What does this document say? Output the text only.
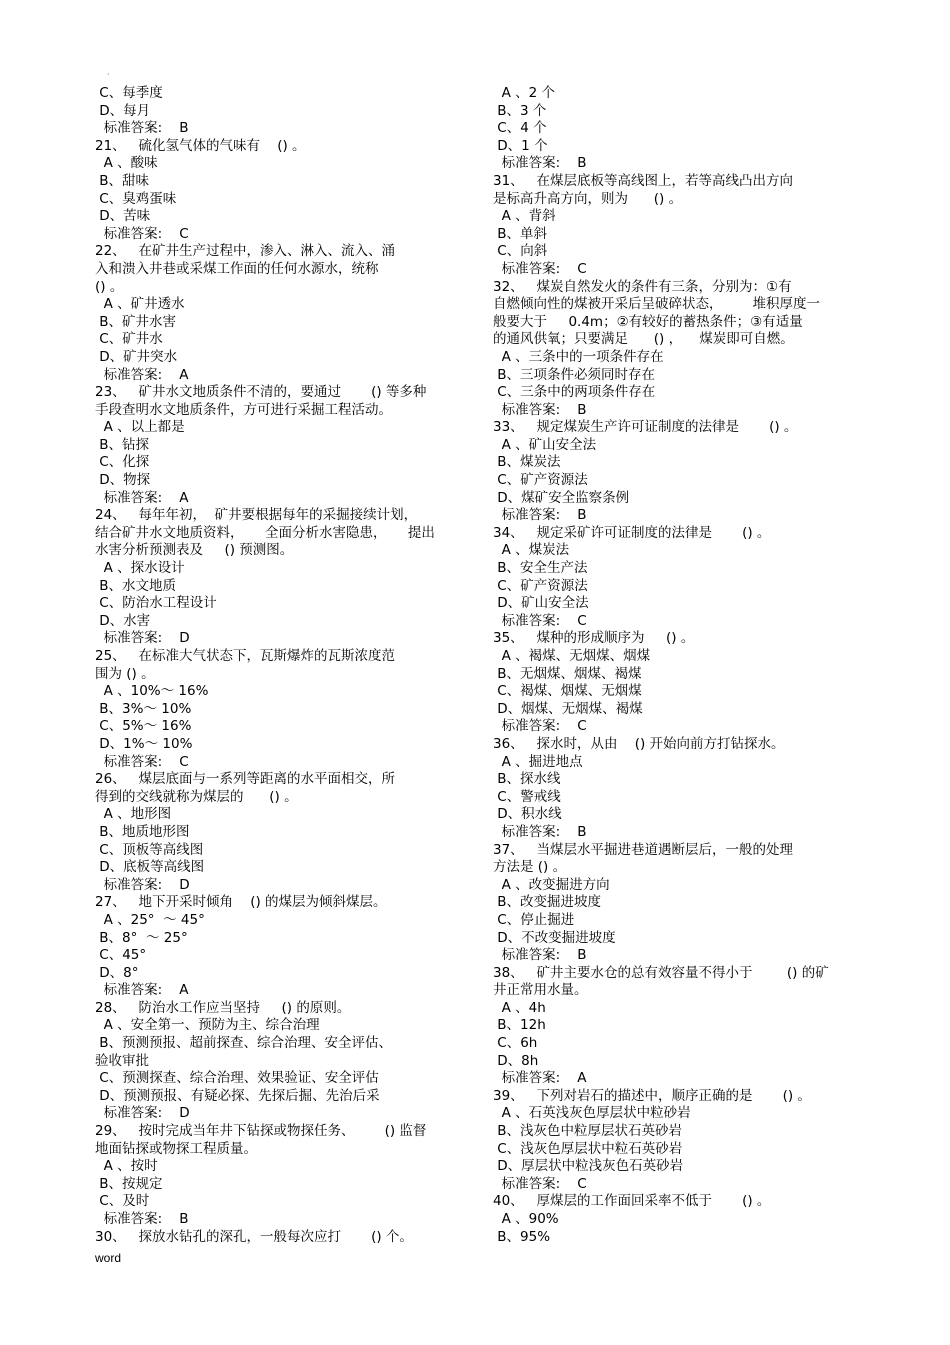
·
C、每季度
D、每月
标准答案:    B
21、   硫化氢气体的气味有    () 。
A 、酸味
B、甜味
C、臭鸡蛋味
D、苦味
标准答案:    C
22、   在矿井生产过程中，渗入、淋入、流入、涌
入和溃入井巷或采煤工作面的任何水源水，统称
() 。
A 、矿井透水
B、矿井水害
C、矿井水
D、矿井突水
标准答案:    A
23、   矿井水文地质条件不清的，要通过       () 等多种
手段查明水文地质条件，方可进行采掘工程活动。
A 、以上都是
B、钻探
C、化探
D、物探
标准答案:    A
24、   每年年初，  矿井要根据每年的采掘接续计划，
结合矿井水文地质资料，     全面分析水害隐患，     提出
水害分析预测表及     () 预测图。
A 、探水设计
B、水文地质
C、防治水工程设计
D、水害
标准答案:    D
25、   在标准大气状态下，瓦斯爆炸的瓦斯浓度范
围为 () 。
A 、10%～ 16%
B、3%～ 10%
C、5%～ 16%
D、1%～ 10%
标准答案:    C
26、   煤层底面与一系列等距离的水平面相交，所
得到的交线就称为煤层的      () 。
A 、地形图
B、地质地形图
C、顶板等高线图
D、底板等高线图
标准答案:    D
27、   地下开采时倾角    () 的煤层为倾斜煤层。
A 、25°  ～ 45°
B、8°  ～ 25°
C、45°
D、8°
标准答案:    A
28、   防治水工作应当坚持     () 的原则。
A 、安全第一、预防为主、综合治理
B、预测预报、超前探查、综合治理、安全评估、
验收审批
C、预测探查、综合治理、效果验证、安全评估
D、预测预报、有疑必探、先探后掘、先治后采
标准答案:    D
29、   按时完成当年井下钻探或物探任务、       () 监督
地面钻探或物探工程质量。
A 、按时
B、按规定
C、及时
标准答案:    B
30、   探放水钻孔的深孔，一般每次应打       () 个。
A 、2 个
B、3 个
C、4 个
D、1 个
标准答案:    B
31、   在煤层底板等高线图上，若等高线凸出方向
是标高升高方向，则为      () 。
A 、背斜
B、单斜
C、向斜
标准答案:    C
32、   煤炭自然发火的条件有三条，分别为：①有
自燃倾向性的煤被开采后呈破碎状态，       堆积厚度一
般要大于     0.4m；②有较好的蓄热条件；③有适量
的通风供氧；只要满足      () ，    煤炭即可自燃。
A 、三条中的一项条件存在
B、三项条件必须同时存在
C、三条中的两项条件存在
标准答案:    B
33、   规定煤炭生产许可证制度的法律是       () 。
A 、矿山安全法
B、煤炭法
C、矿产资源法
D、煤矿安全监察条例
标准答案:    B
34、   规定采矿许可证制度的法律是       () 。
A 、煤炭法
B、安全生产法
C、矿产资源法
D、矿山安全法
标准答案:    C
35、   煤种的形成顺序为     () 。
A 、褐煤、无烟煤、烟煤
B、无烟煤、烟煤、褐煤
C、褐煤、烟煤、无烟煤
D、烟煤、无烟煤、褐煤
标准答案:    C
36、   探水时，从由    () 开始向前方打钻探水。
A 、掘进地点
B、探水线
C、警戒线
D、积水线
标准答案:    B
37、   当煤层水平掘进巷道遇断层后，一般的处理
方法是 () 。
A 、改变掘进方向
B、改变掘进坡度
C、停止掘进
D、不改变掘进坡度
标准答案:    B
38、   矿井主要水仓的总有效容量不得小于        () 的矿
井正常用水量。
A 、4h
B、12h
C、6h
D、8h
标准答案:    A
39、   下列对岩石的描述中，顺序正确的是       () 。
A 、石英浅灰色厚层状中粒砂岩
B、浅灰色中粒厚层状石英砂岩
C、浅灰色厚层状中粒石英砂岩
D、厚层状中粒浅灰色石英砂岩
标准答案:    C
40、   厚煤层的工作面回采率不低于       () 。
A 、90%
B、95%
word
